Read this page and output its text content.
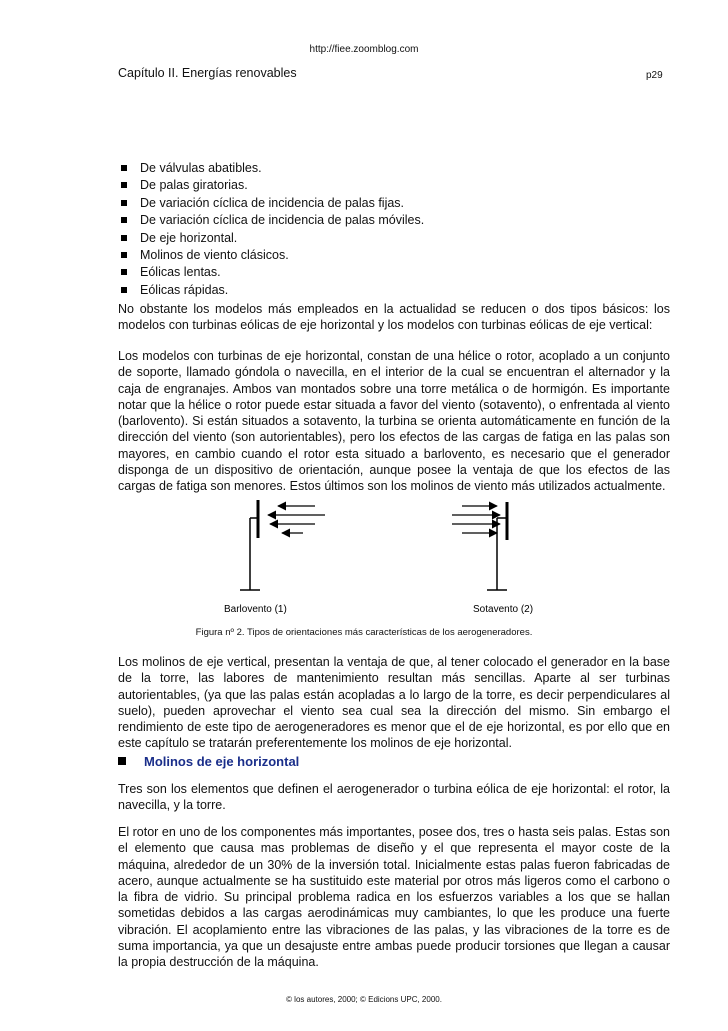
http://fiee.zoomblog.com
Capítulo II. Energías renovables	p29
De válvulas abatibles.
De palas giratorias.
De variación cíclica de incidencia de palas fijas.
De variación cíclica de incidencia de palas móviles.
De eje horizontal.
Molinos de viento clásicos.
Eólicas lentas.
Eólicas rápidas.

No obstante los modelos más empleados en la actualidad se reducen o dos tipos básicos: los modelos con turbinas eólicas de eje horizontal y los modelos con turbinas eólicas de eje vertical:

Los modelos con turbinas de eje horizontal, constan de una hélice o rotor, acoplado a un conjunto de soporte, llamado góndola o navecilla, en el interior de la cual se encuentran el alternador y la caja de engranajes. Ambos van montados sobre una torre metálica o de hormigón. Es importante notar que la hélice o rotor puede estar situada a favor del viento (sotavento), o enfrentada al viento (barlovento). Si están situados a sotavento, la turbina se orienta automáticamente en función de la dirección del viento (son autorientables), pero los efectos de las cargas de fatiga en las palas son mayores, en cambio cuando el rotor esta situado a barlovento, es necesario que el generador disponga de un dispositivo de orientación, aunque posee la ventaja de que los efectos de las cargas de fatiga son menores. Estos últimos son los molinos de viento más utilizados actualmente.

Barlovento (1)	Sotavento (2)
Figura nº 2. Tipos de orientaciones más características de los aerogeneradores.

Los molinos de eje vertical, presentan la ventaja de que, al tener colocado el generador en la base de la torre, las labores de mantenimiento resultan más sencillas. Aparte al ser turbinas autorientables, (ya que las palas están acopladas a lo largo de la torre, es decir perpendiculares al suelo), pueden aprovechar el viento sea cual sea la dirección del mismo. Sin embargo el rendimiento de este tipo de aerogeneradores es menor que el de eje horizontal, es por ello que en este capítulo se tratarán preferentemente los molinos de eje horizontal.

Molinos de eje horizontal

Tres son los elementos que definen el aerogenerador o turbina eólica de eje horizontal: el rotor, la navecilla, y la torre.

El rotor en uno de los componentes más importantes, posee dos, tres o hasta seis palas. Estas son el elemento que causa mas problemas de diseño y el que representa el mayor coste de la máquina, alrededor de un 30% de la inversión total. Inicialmente estas palas fueron fabricadas de acero, aunque actualmente se ha sustituido este material por otros más ligeros como el carbono o la fibra de vidrio. Su principal problema radica en los esfuerzos variables a los que se hallan sometidas debidos a las cargas aerodinámicas muy cambiantes, lo que les produce una fuerte vibración. El acoplamiento entre las vibraciones de las palas, y las vibraciones de la torre es de suma importancia, ya que un desajuste entre ambas puede producir torsiones que llegan a causar la propia destrucción de la máquina.

© los autores, 2000; © Edicions UPC, 2000.
